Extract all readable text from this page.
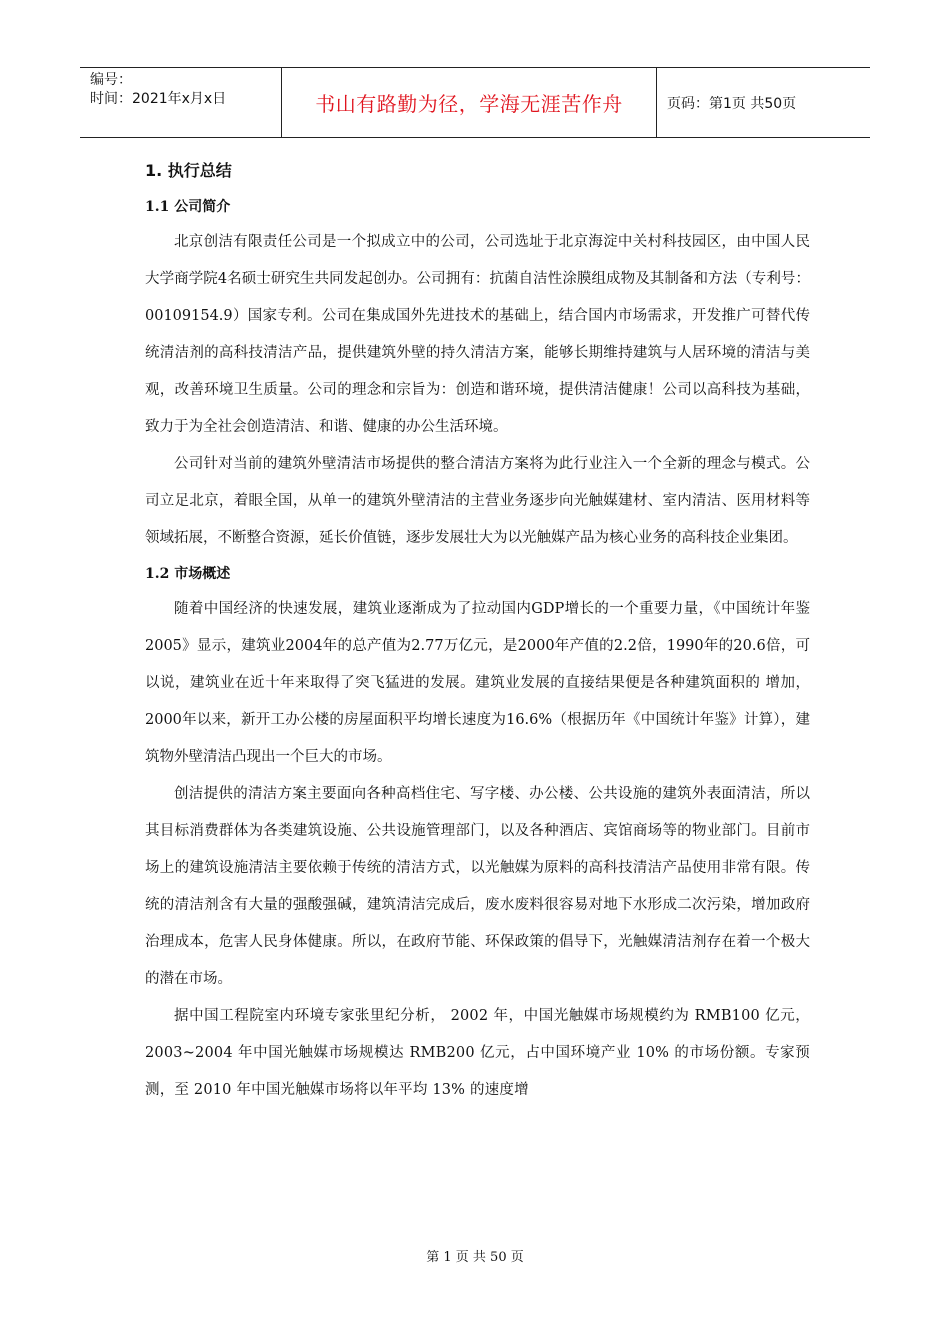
编号：
时间：2021年x月x日	书山有路勤为径，学海无涯苦作舟	页码：第1页 共50页
1. 执行总结
1.1 公司简介

北京创洁有限责任公司是一个拟成立中的公司，公司选址于北京海淀中关村科技园区，由中国人民大学商学院4名硕士研究生共同发起创办。公司拥有：抗菌自洁性涂膜组成物及其制备和方法（专利号：00109154.9）国家专利。公司在集成国外先进技术的基础上，结合国内市场需求，开发推广可替代传统清洁剂的高科技清洁产品，提供建筑外壁的持久清洁方案，能够长期维持建筑与人居环境的清洁与美观，改善环境卫生质量。公司的理念和宗旨为：创造和谐环境，提供清洁健康！公司以高科技为基础，致力于为全社会创造清洁、和谐、健康的办公生活环境。

公司针对当前的建筑外壁清洁市场提供的整合清洁方案将为此行业注入一个全新的理念与模式。公司立足北京，着眼全国，从单一的建筑外壁清洁的主营业务逐步向光触媒建材、室内清洁、医用材料等领域拓展，不断整合资源，延长价值链，逐步发展壮大为以光触媒产品为核心业务的高科技企业集团。

1.2 市场概述

随着中国经济的快速发展，建筑业逐渐成为了拉动国内GDP增长的一个重要力量，《中国统计年鉴2005》显示，建筑业2004年的总产值为2.77万亿元，是2000年产值的2.2倍，1990年的20.6倍，可以说，建筑业在近十年来取得了突飞猛进的发展。建筑业发展的直接结果便是各种建筑面积的 增加，2000年以来，新开工办公楼的房屋面积平均增长速度为16.6%（根据历年《中国统计年鉴》计算），建筑物外壁清洁凸现出一个巨大的市场。

创洁提供的清洁方案主要面向各种高档住宅、写字楼、办公楼、公共设施的建筑外表面清洁，所以其目标消费群体为各类建筑设施、公共设施管理部门，以及各种酒店、宾馆商场等的物业部门。目前市场上的建筑设施清洁主要依赖于传统的清洁方式，以光触媒为原料的高科技清洁产品使用非常有限。传统的清洁剂含有大量的强酸强碱，建筑清洁完成后，废水废料很容易对地下水形成二次污染，增加政府治理成本，危害人民身体健康。所以，在政府节能、环保政策的倡导下，光触媒清洁剂存在着一个极大的潜在市场。

据中国工程院室内环境专家张里纪分析， 2002 年，中国光触媒市场规模约为 RMB100 亿元， 2003~2004 年中国光触媒市场规模达 RMB200 亿元，占中国环境产业 10% 的市场份额。专家预测，至 2010 年中国光触媒市场将以年平均 13% 的速度增

第 1 页 共 50 页
